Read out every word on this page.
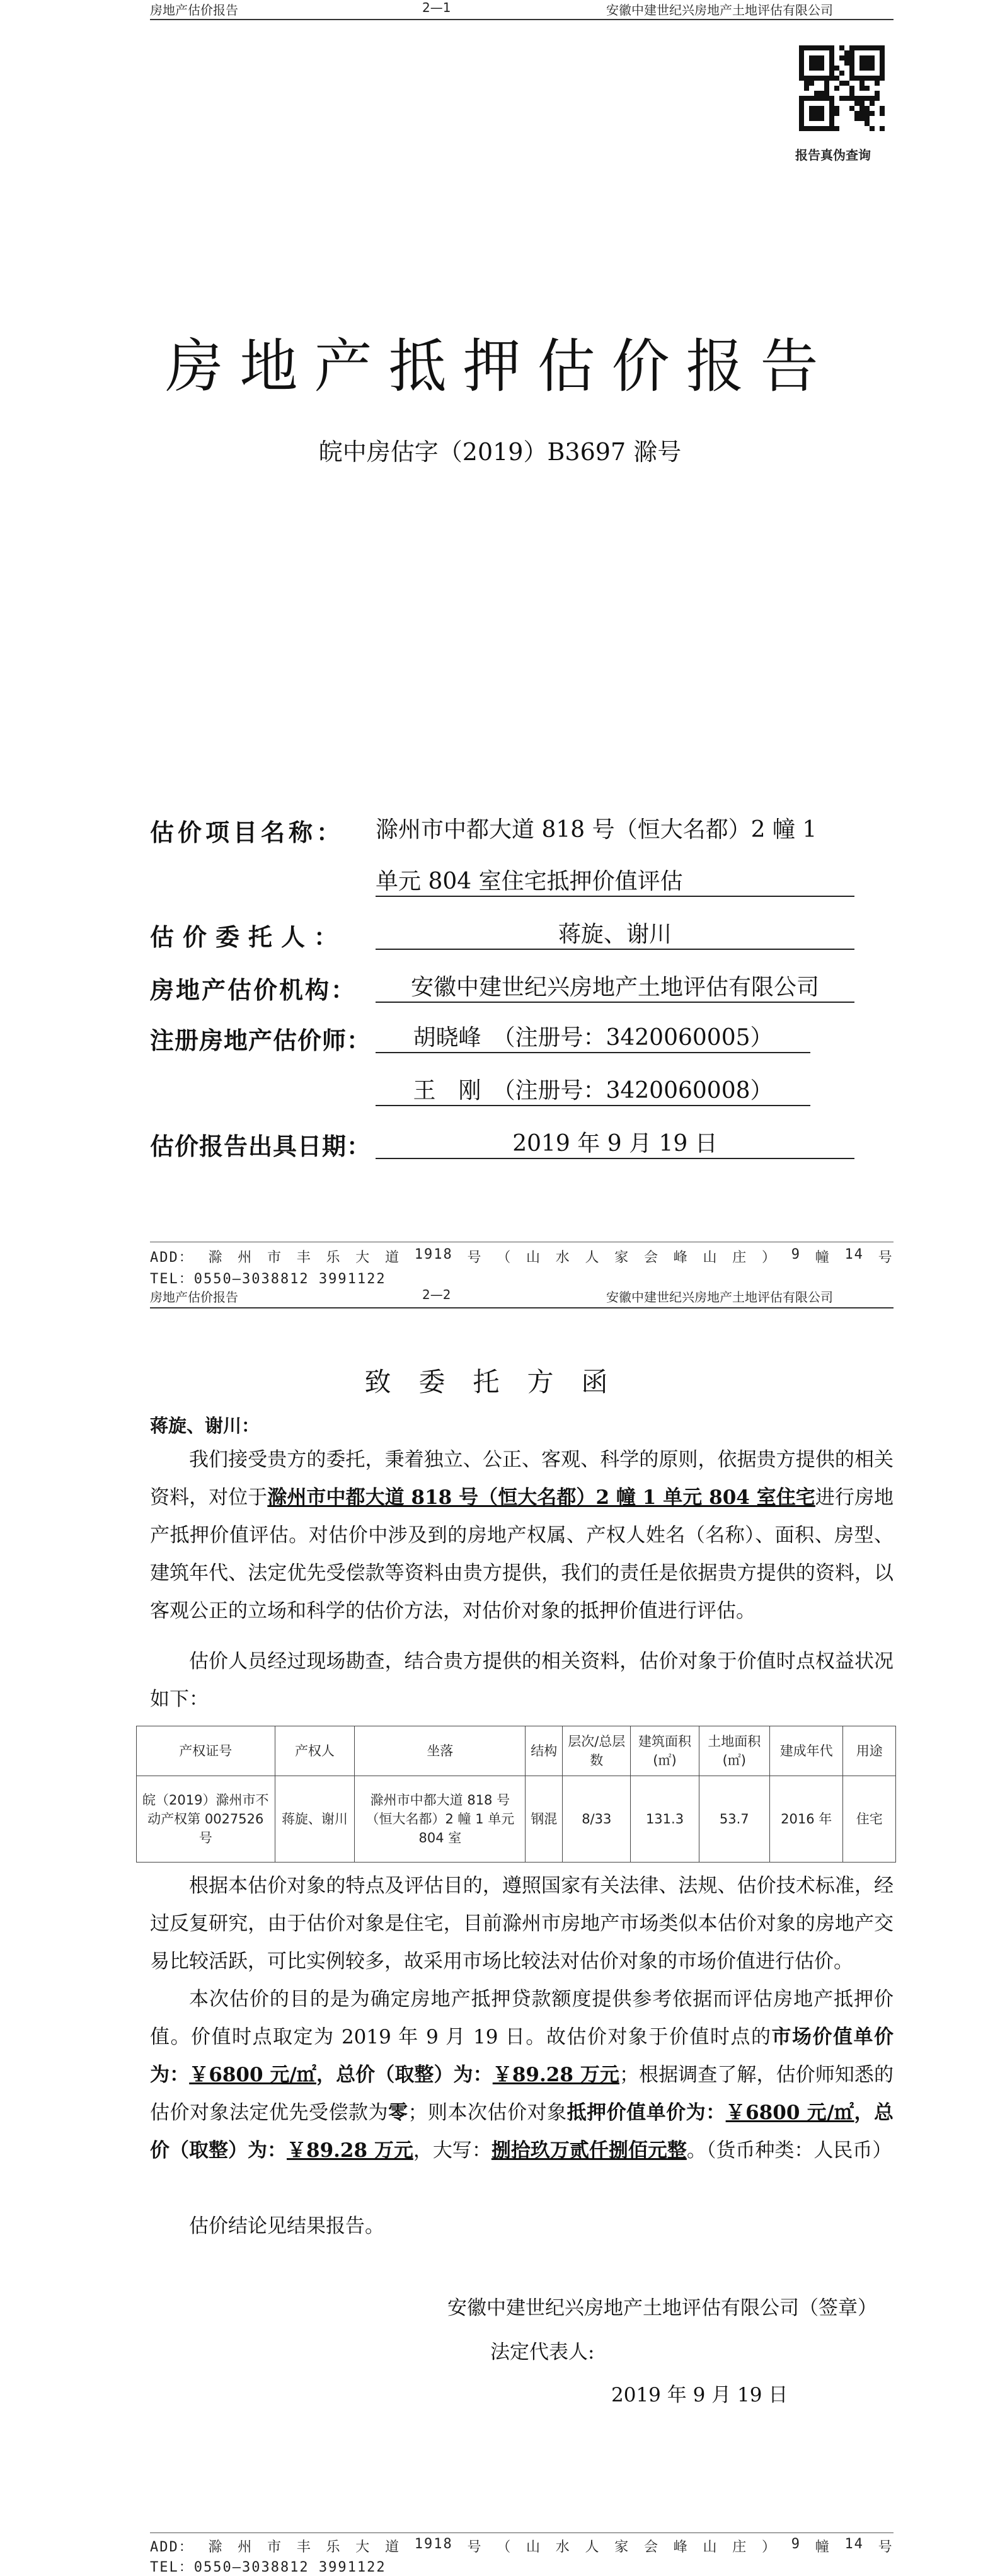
房地产估价报告	2—1	安徽中建世纪兴房地产土地评估有限公司
报告真伪查询
房地产抵押估价报告
皖中房估字（2019）B3697 滁号
估价项目名称： 滁州市中都大道 818 号（恒大名都）2 幢 1
单元 804 室住宅抵押价值评估
估价委托人：	蒋旋、谢川
房地产估价机构：	安徽中建世纪兴房地产土地评估有限公司
注册房地产估价师：	胡晓峰　（注册号：3420060005）
王　刚　（注册号：3420060008）
估价报告出具日期：	2019 年 9 月 19 日
ADD： 滁 州 市 丰 乐 大 道 1918 号 （ 山 水 人 家 会 峰 山 庄 ） 9 幢 14 号
TEL：0550—3038812 3991122
房地产估价报告	2—2	安徽中建世纪兴房地产土地评估有限公司
致委托方函
蒋旋、谢川：
我们接受贵方的委托，秉着独立、公正、客观、科学的原则，依据贵方提供的相关资料，对位于滁州市中都大道 818 号（恒大名都）2 幢 1 单元 804 室住宅进行房地产抵押价值评估。对估价中涉及到的房地产权属、产权人姓名（名称）、面积、房型、建筑年代、法定优先受偿款等资料由贵方提供，我们的责任是依据贵方提供的资料，以客观公正的立场和科学的估价方法，对估价对象的抵押价值进行评估。
估价人员经过现场勘查，结合贵方提供的相关资料，估价对象于价值时点权益状况如下：
产权证号	产权人	坐落	结构	层次/总层数	建筑面积(㎡)	土地面积(㎡)	建成年代	用途
皖（2019）滁州市不动产权第 0027526 号	蒋旋、谢川	滁州市中都大道 818 号（恒大名都）2 幢 1 单元 804 室	钢混	8/33	131.3	53.7	2016 年	住宅
根据本估价对象的特点及评估目的，遵照国家有关法律、法规、估价技术标准，经过反复研究，由于估价对象是住宅，目前滁州市房地产市场类似本估价对象的房地产交易比较活跃，可比实例较多，故采用市场比较法对估价对象的市场价值进行估价。
本次估价的目的是为确定房地产抵押贷款额度提供参考依据而评估房地产抵押价值。价值时点取定为 2019 年 9 月 19 日。故估价对象于价值时点的市场价值单价为：￥6800 元/㎡，总价（取整）为：￥89.28 万元；根据调查了解，估价师知悉的估价对象法定优先受偿款为零；则本次估价对象抵押价值单价为：￥6800 元/㎡，总价（取整）为：￥89.28 万元，大写：捌拾玖万贰仟捌佰元整。（货币种类：人民币）
估价结论见结果报告。
安徽中建世纪兴房地产土地评估有限公司（签章）
法定代表人:
2019 年 9 月 19 日
ADD： 滁 州 市 丰 乐 大 道 1918 号 （ 山 水 人 家 会 峰 山 庄 ） 9 幢 14 号
TEL：0550—3038812 3991122
